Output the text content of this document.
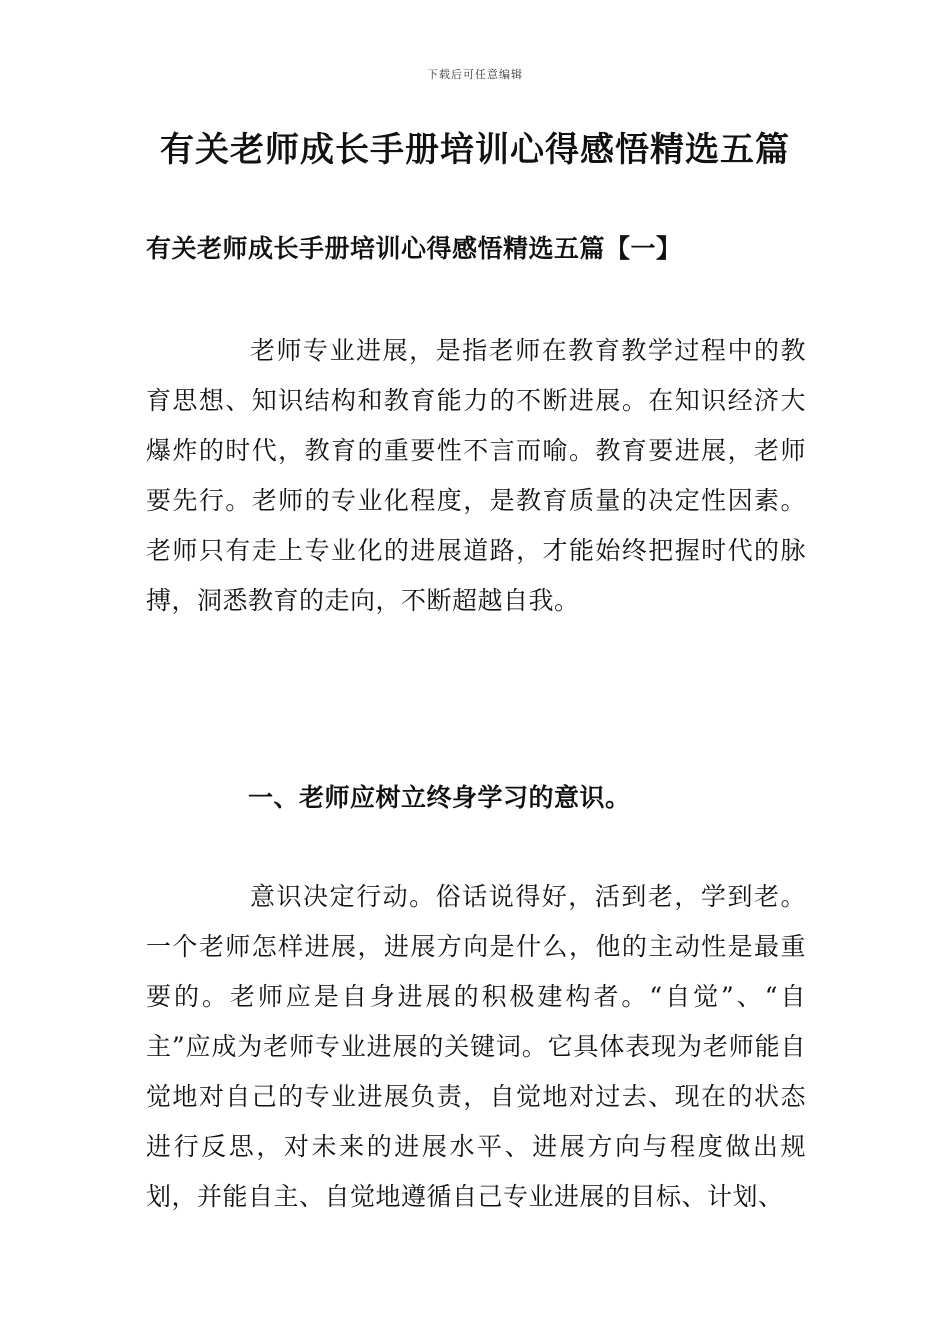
下载后可任意编辑
有关老师成长手册培训心得感悟精选五篇
有关老师成长手册培训心得感悟精选五篇【一】

老师专业进展，是指老师在教育教学过程中的教育思想、知识结构和教育能力的不断进展。在知识经济大爆炸的时代，教育的重要性不言而喻。教育要进展，老师要先行。老师的专业化程度，是教育质量的决定性因素。老师只有走上专业化的进展道路，才能始终把握时代的脉搏，洞悉教育的走向，不断超越自我。

一、老师应树立终身学习的意识。

意识决定行动。俗话说得好，活到老，学到老。一个老师怎样进展，进展方向是什么，他的主动性是最重要的。老师应是自身进展的积极建构者。“自觉”、“自主”应成为老师专业进展的关键词。它具体表现为老师能自觉地对自己的专业进展负责，自觉地对过去、现在的状态进行反思，对未来的进展水平、进展方向与程度做出规划，并能自主、自觉地遵循自己专业进展的目标、计划、
